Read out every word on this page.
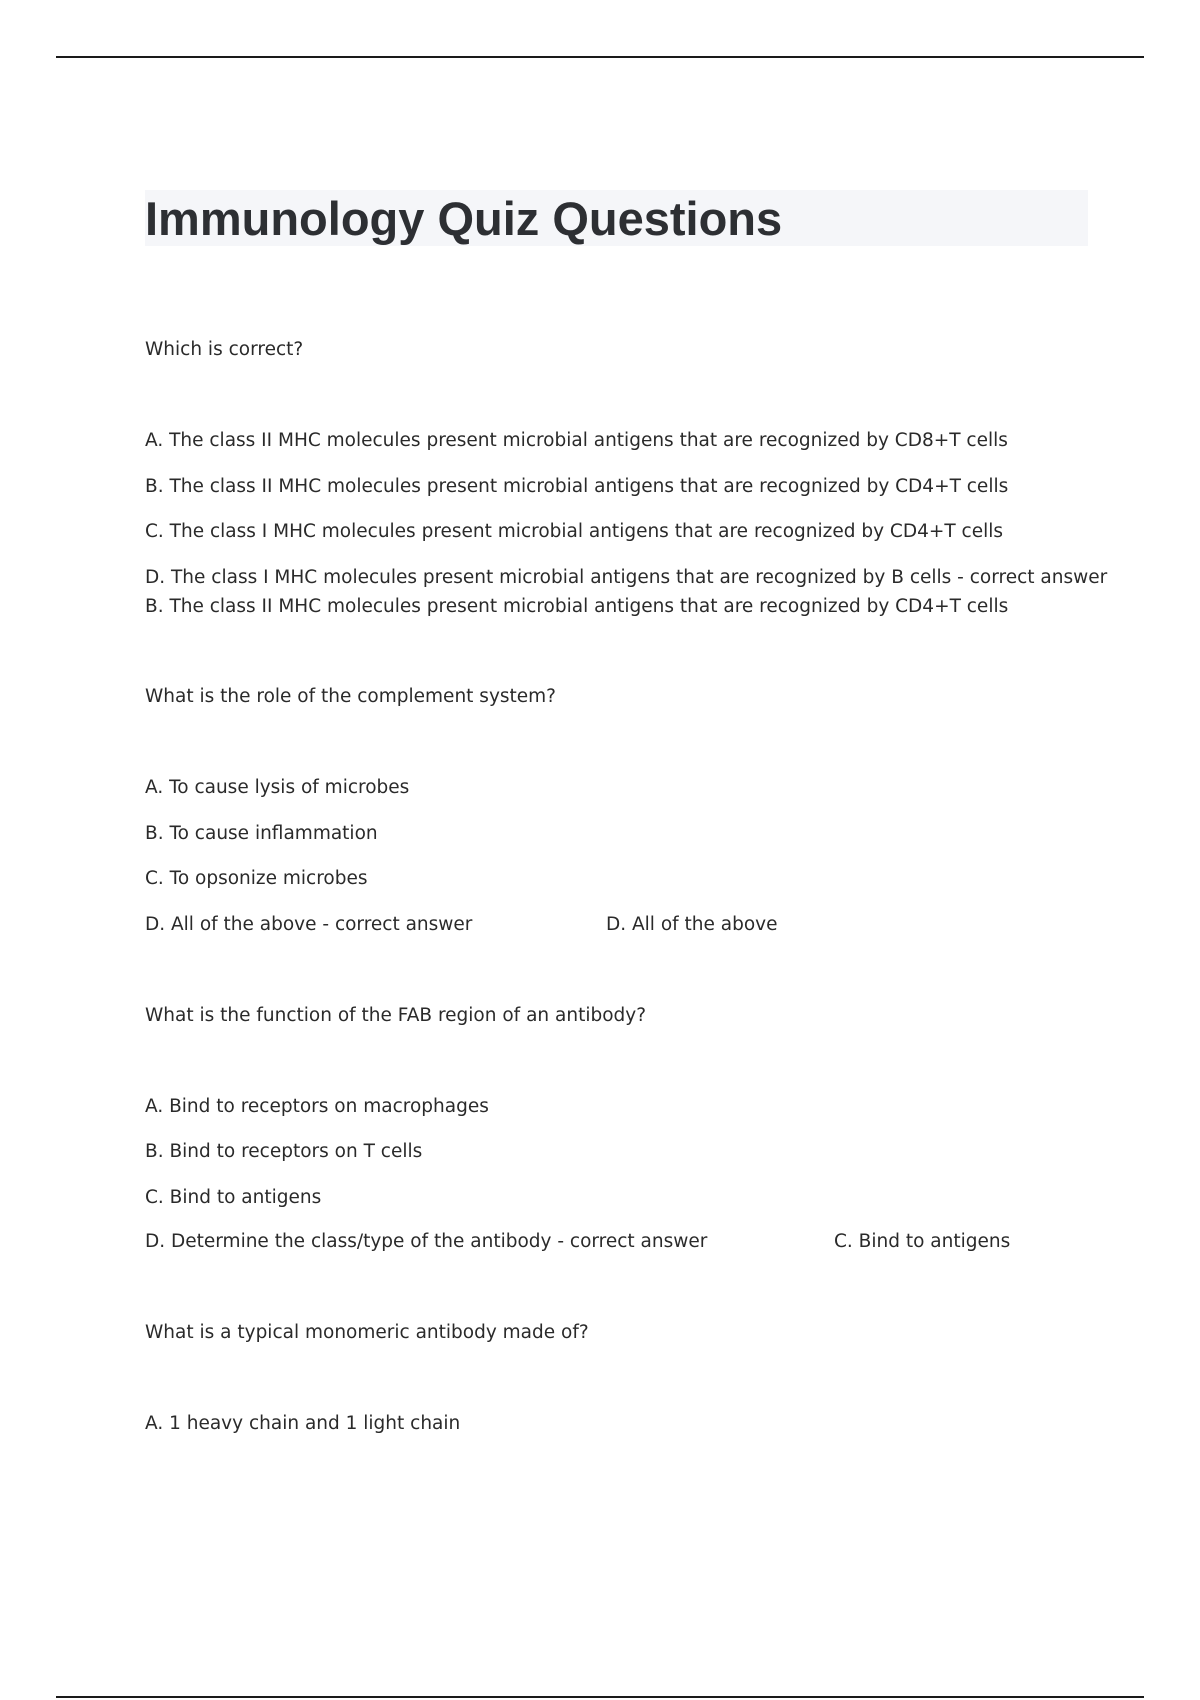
Immunology Quiz Questions
Which is correct?
A. The class II MHC molecules present microbial antigens that are recognized by CD8+T cells
B. The class II MHC molecules present microbial antigens that are recognized by CD4+T cells
C. The class I MHC molecules present microbial antigens that are recognized by CD4+T cells
D. The class I MHC molecules present microbial antigens that are recognized by B cells - correct answer
B. The class II MHC molecules present microbial antigens that are recognized by CD4+T cells
What is the role of the complement system?
A. To cause lysis of microbes
B. To cause inflammation
C. To opsonize microbes
D. All of the above - correct answer	D. All of the above
What is the function of the FAB region of an antibody?
A. Bind to receptors on macrophages
B. Bind to receptors on T cells
C. Bind to antigens
D. Determine the class/type of the antibody - correct answer	C. Bind to antigens
What is a typical monomeric antibody made of?
A. 1 heavy chain and 1 light chain
